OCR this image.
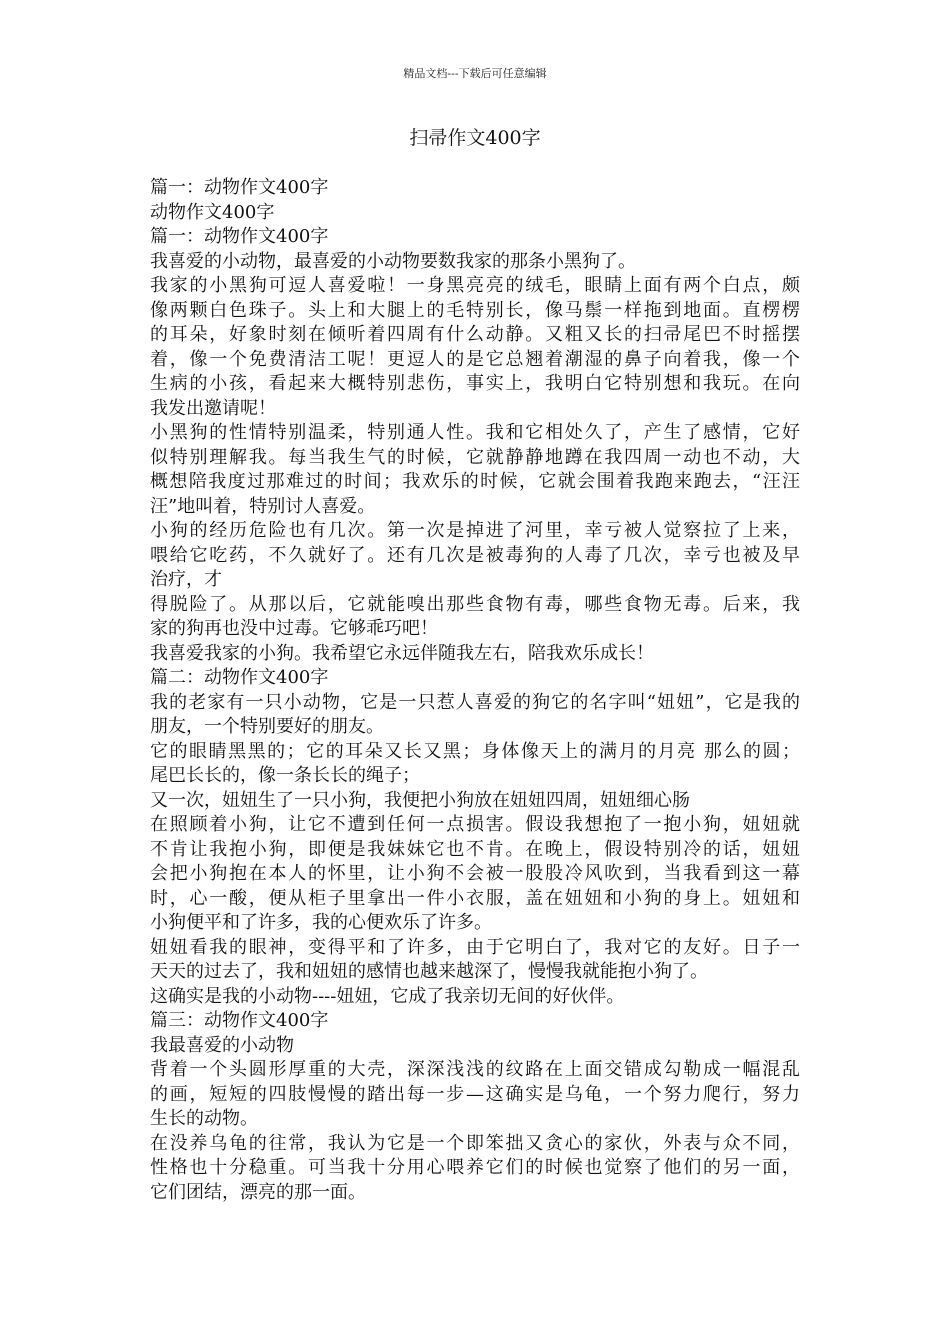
精品文档---下载后可任意编辑
扫帚作文400字
篇一：动物作文400字
动物作文400字
篇一：动物作文400字
我喜爱的小动物，最喜爱的小动物要数我家的那条小黑狗了。
我家的小黑狗可逗人喜爱啦！一身黑亮亮的绒毛，眼睛上面有两个白点，颇
像两颗白色珠子。头上和大腿上的毛特别长，像马鬃一样拖到地面。直楞楞
的耳朵，好象时刻在倾听着四周有什么动静。又粗又长的扫帚尾巴不时摇摆
着，像一个免费清洁工呢！更逗人的是它总翘着潮湿的鼻子向着我，像一个
生病的小孩，看起来大概特别悲伤，事实上，我明白它特别想和我玩。在向
我发出邀请呢！
小黑狗的性情特别温柔，特别通人性。我和它相处久了，产生了感情，它好
似特别理解我。每当我生气的时候，它就静静地蹲在我四周一动也不动，大
概想陪我度过那难过的时间；我欢乐的时候，它就会围着我跑来跑去，“汪汪
汪”地叫着，特别讨人喜爱。
小狗的经历危险也有几次。第一次是掉进了河里，幸亏被人觉察拉了上来，
喂给它吃药，不久就好了。还有几次是被毒狗的人毒了几次，幸亏也被及早
治疗，才
得脱险了。从那以后，它就能嗅出那些食物有毒，哪些食物无毒。后来，我
家的狗再也没中过毒。它够乖巧吧！
我喜爱我家的小狗。我希望它永远伴随我左右，陪我欢乐成长！
篇二：动物作文400字
我的老家有一只小动物，它是一只惹人喜爱的狗它的名字叫“妞妞”，它是我的
朋友，一个特别要好的朋友。
它的眼睛黑黑的；它的耳朵又长又黑；身体像天上的满月的月亮 那么的圆；
尾巴长长的，像一条长长的绳子；
又一次，妞妞生了一只小狗，我便把小狗放在妞妞四周，妞妞细心肠
在照顾着小狗，让它不遭到任何一点损害。假设我想抱了一抱小狗，妞妞就
不肯让我抱小狗，即便是我妹妹它也不肯。在晚上，假设特别冷的话，妞妞
会把小狗抱在本人的怀里，让小狗不会被一股股冷风吹到，当我看到这一幕
时，心一酸，便从柜子里拿出一件小衣服，盖在妞妞和小狗的身上。妞妞和
小狗便平和了许多，我的心便欢乐了许多。
妞妞看我的眼神，变得平和了许多，由于它明白了，我对它的友好。日子一
天天的过去了，我和妞妞的感情也越来越深了，慢慢我就能抱小狗了。
这确实是我的小动物----妞妞，它成了我亲切无间的好伙伴。
篇三：动物作文400字
我最喜爱的小动物
背着一个头圆形厚重的大壳，深深浅浅的纹路在上面交错成勾勒成一幅混乱
的画，短短的四肢慢慢的踏出每一步—这确实是乌龟，一个努力爬行，努力
生长的动物。
在没养乌龟的往常，我认为它是一个即笨拙又贪心的家伙，外表与众不同，
性格也十分稳重。可当我十分用心喂养它们的时候也觉察了他们的另一面，
它们团结，漂亮的那一面。
